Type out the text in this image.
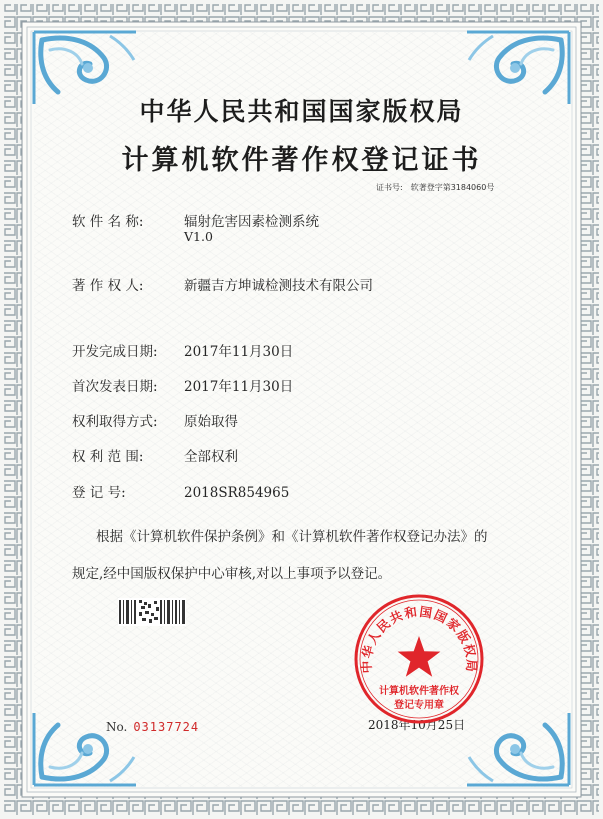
中华人民共和国国家版权局
计算机软件著作权登记证书
证书号: 软著登字第3184060号
软 件 名 称:	辐射危害因素检测系统
V1.0
著 作 权 人:	新疆吉方坤诚检测技术有限公司
开发完成日期: 2017年11月30日
首次发表日期: 2017年11月30日
权利取得方式: 原始取得
权 利 范 围:	全部权利
登 记 号:	2018SR854965
根据《计算机软件保护条例》和《计算机软件著作权登记办法》的
规定,经中国版权保护中心审核,对以上事项予以登记。
No. 03137724	2018年10月25日
中华人民共和国国家版权局
计算机软件著作权
登记专用章
